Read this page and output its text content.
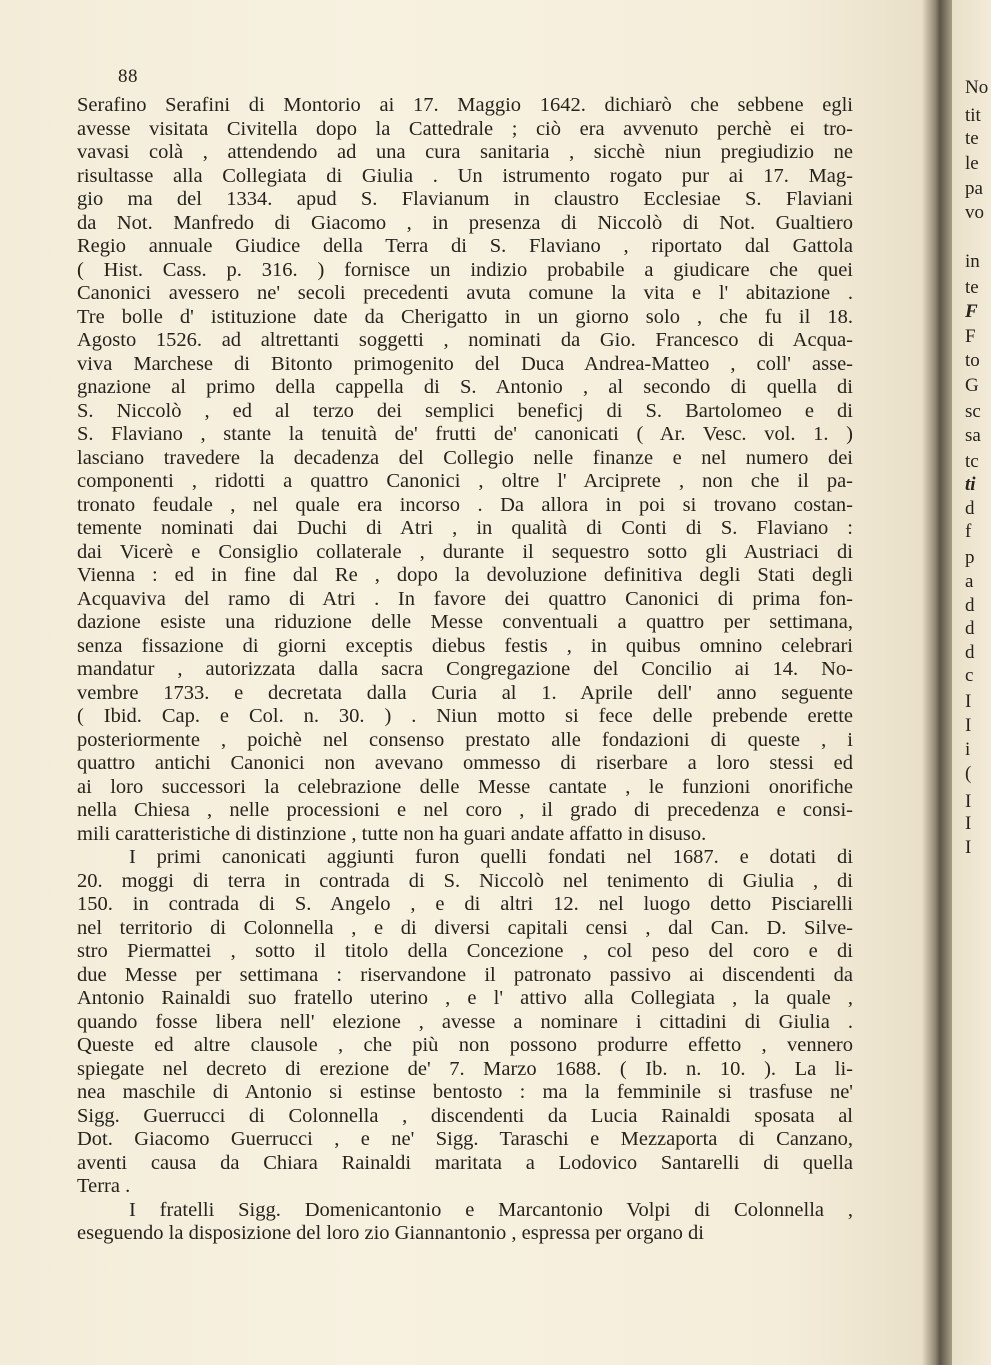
88
Serafino Serafini di Montorio ai 17. Maggio 1642. dichiarò che sebbene egli
avesse visitata Civitella dopo la Cattedrale ; ciò era avvenuto perchè ei tro-
vavasi colà , attendendo ad una cura sanitaria , sicchè niun pregiudizio ne
risultasse alla Collegiata di Giulia . Un istrumento rogato pur ai 17. Mag-
gio ma del 1334. apud S. Flavianum in claustro Ecclesiae S. Flaviani
da Not. Manfredo di Giacomo , in presenza di Niccolò di Not. Gualtiero
Regio annuale Giudice della Terra di S. Flaviano , riportato dal Gattola
( Hist. Cass. p. 316. ) fornisce un indizio probabile a giudicare che quei
Canonici avessero ne' secoli precedenti avuta comune la vita e l' abitazione .
Tre bolle d' istituzione date da Cherigatto in un giorno solo , che fu il 18.
Agosto 1526. ad altrettanti soggetti , nominati da Gio. Francesco di Acqua-
viva Marchese di Bitonto primogenito del Duca Andrea-Matteo , coll' asse-
gnazione al primo della cappella di S. Antonio , al secondo di quella di
S. Niccolò , ed al terzo dei semplici beneficj di S. Bartolomeo e di
S. Flaviano , stante la tenuità de' frutti de' canonicati ( Ar. Vesc. vol. 1. )
lasciano travedere la decadenza del Collegio nelle finanze e nel numero dei
componenti , ridotti a quattro Canonici , oltre l' Arciprete , non che il pa-
tronato feudale , nel quale era incorso . Da allora in poi si trovano costan-
temente nominati dai Duchi di Atri , in qualità di Conti di S. Flaviano :
dai Vicerè e Consiglio collaterale , durante il sequestro sotto gli Austriaci di
Vienna : ed in fine dal Re , dopo la devoluzione definitiva degli Stati degli
Acquaviva del ramo di Atri . In favore dei quattro Canonici di prima fon-
dazione esiste una riduzione delle Messe conventuali a quattro per settimana,
senza fissazione di giorni exceptis diebus festis , in quibus omnino celebrari
mandatur , autorizzata dalla sacra Congregazione del Concilio ai 14. No-
vembre 1733. e decretata dalla Curia al 1. Aprile dell' anno seguente
( Ibid. Cap. e Col. n. 30. ) . Niun motto si fece delle prebende erette
posteriormente , poichè nel consenso prestato alle fondazioni di queste , i
quattro antichi Canonici non avevano ommesso di riserbare a loro stessi ed
ai loro successori la celebrazione delle Messe cantate , le funzioni onorifiche
nella Chiesa , nelle processioni e nel coro , il grado di precedenza e consi-
mili caratteristiche di distinzione , tutte non ha guari andate affatto in disuso.
I primi canonicati aggiunti furon quelli fondati nel 1687. e dotati di
20. moggi di terra in contrada di S. Niccolò nel tenimento di Giulia , di
150. in contrada di S. Angelo , e di altri 12. nel luogo detto Pisciarelli
nel territorio di Colonnella , e di diversi capitali censi , dal Can. D. Silve-
stro Piermattei , sotto il titolo della Concezione , col peso del coro e di
due Messe per settimana : riservandone il patronato passivo ai discendenti da
Antonio Rainaldi suo fratello uterino , e l' attivo alla Collegiata , la quale ,
quando fosse libera nell' elezione , avesse a nominare i cittadini di Giulia .
Queste ed altre clausole , che più non possono produrre effetto , vennero
spiegate nel decreto di erezione de' 7. Marzo 1688. ( Ib. n. 10. ). La li-
nea maschile di Antonio si estinse bentosto : ma la femminile si trasfuse ne'
Sigg. Guerrucci di Colonnella , discendenti da Lucia Rainaldi sposata al
Dot. Giacomo Guerrucci , e ne' Sigg. Taraschi e Mezzaporta di Canzano,
aventi causa da Chiara Rainaldi maritata a Lodovico Santarelli di quella
Terra .
I fratelli Sigg. Domenicantonio e Marcantonio Volpi di Colonnella ,
eseguendo la disposizione del loro zio Giannantonio , espressa per organo di
No
tit
te
le
pa
vo
in
te
F
F
to
G
sc
sa
tc
ti
d
f
p
a
d
d
d
c
I
I
i
(
I
I
I
